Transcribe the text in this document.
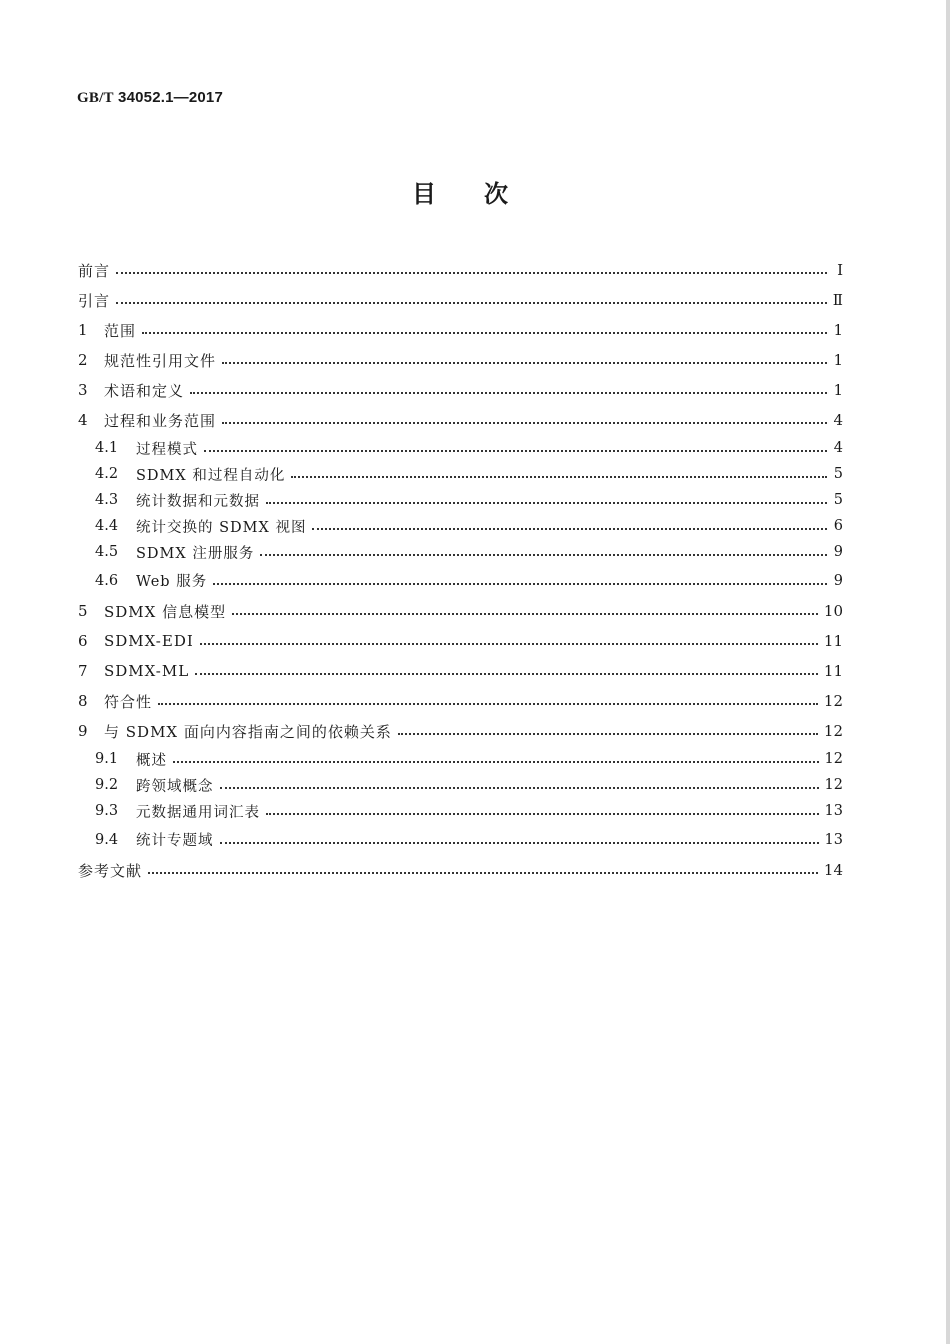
GB/T 34052.1—2017
目次
前言	Ⅰ
引言	Ⅱ
1	范围	1
2	规范性引用文件	1
3	术语和定义	1
4	过程和业务范围	4
4.1	过程模式	4
4.2	SDMX 和过程自动化	5
4.3	统计数据和元数据	5
4.4	统计交换的 SDMX 视图	6
4.5	SDMX 注册服务	9
4.6	Web 服务	9
5	SDMX 信息模型	10
6	SDMX-EDI	11
7	SDMX-ML	11
8	符合性	12
9	与 SDMX 面向内容指南之间的依赖关系	12
9.1	概述	12
9.2	跨领域概念	12
9.3	元数据通用词汇表	13
9.4	统计专题域	13
参考文献	14
